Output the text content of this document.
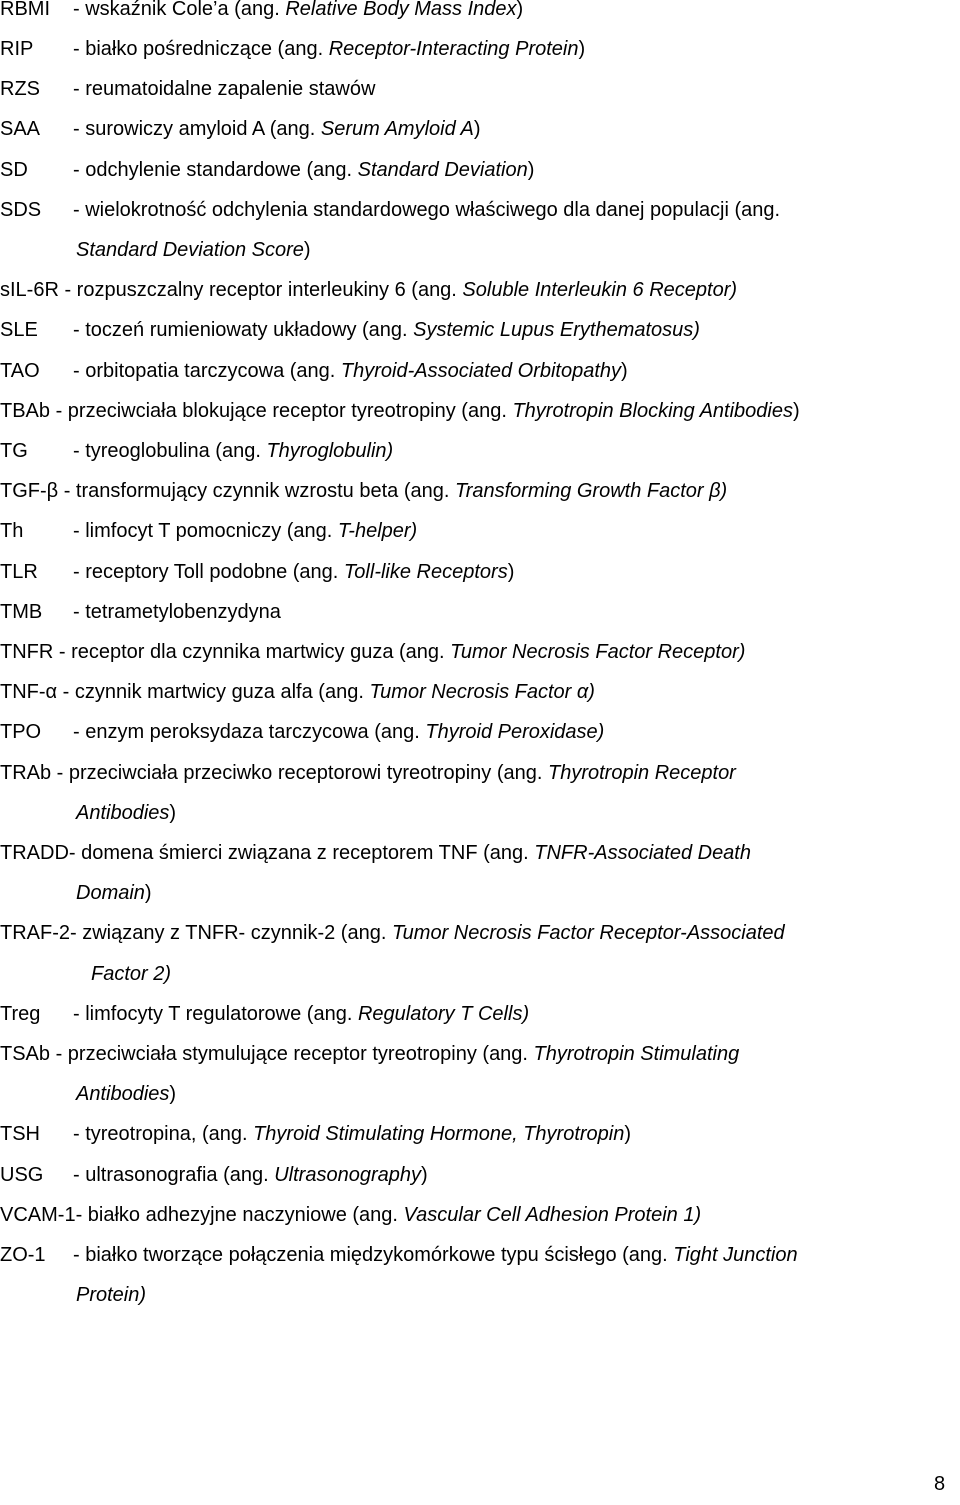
RBMI - wskaźnik Cole’a (ang. Relative Body Mass Index)
RIP - białko pośredniczące (ang. Receptor-Interacting Protein)
RZS - reumatoidalne zapalenie stawów
SAA - surowiczy amyloid A (ang. Serum Amyloid A)
SD - odchylenie standardowe (ang. Standard Deviation)
SDS - wielokrotność odchylenia standardowego właściwego dla danej populacji (ang.
Standard Deviation Score)
sIL-6R - rozpuszczalny receptor interleukiny 6 (ang. Soluble Interleukin 6 Receptor)
SLE - toczeń rumieniowaty układowy (ang. Systemic Lupus Erythematosus)
TAO - orbitopatia tarczycowa (ang. Thyroid-Associated Orbitopathy)
TBAb - przeciwciała blokujące receptor tyreotropiny (ang. Thyrotropin Blocking Antibodies)
TG - tyreoglobulina (ang. Thyroglobulin)
TGF-β - transformujący czynnik wzrostu beta (ang. Transforming Growth Factor β)
Th - limfocyt T pomocniczy (ang. T-helper)
TLR - receptory Toll podobne (ang. Toll-like Receptors)
TMB - tetrametylobenzydyna
TNFR - receptor dla czynnika martwicy guza (ang. Tumor Necrosis Factor Receptor)
TNF-α - czynnik martwicy guza alfa (ang. Tumor Necrosis Factor α)
TPO - enzym peroksydaza tarczycowa (ang. Thyroid Peroxidase)
TRAb - przeciwciała przeciwko receptorowi tyreotropiny (ang. Thyrotropin Receptor
Antibodies)
TRADD- domena śmierci związana z receptorem TNF (ang. TNFR-Associated Death
Domain)
TRAF-2- związany z TNFR- czynnik-2 (ang. Tumor Necrosis Factor Receptor-Associated
Factor 2)
Treg - limfocyty T regulatorowe (ang. Regulatory T Cells)
TSAb - przeciwciała stymulujące receptor tyreotropiny (ang. Thyrotropin Stimulating
Antibodies)
TSH - tyreotropina, (ang. Thyroid Stimulating Hormone, Thyrotropin)
USG - ultrasonografia (ang. Ultrasonography)
VCAM-1- białko adhezyjne naczyniowe (ang. Vascular Cell Adhesion Protein 1)
ZO-1 - białko tworzące połączenia międzykomórkowe typu ścisłego (ang. Tight Junction
Protein)
8
